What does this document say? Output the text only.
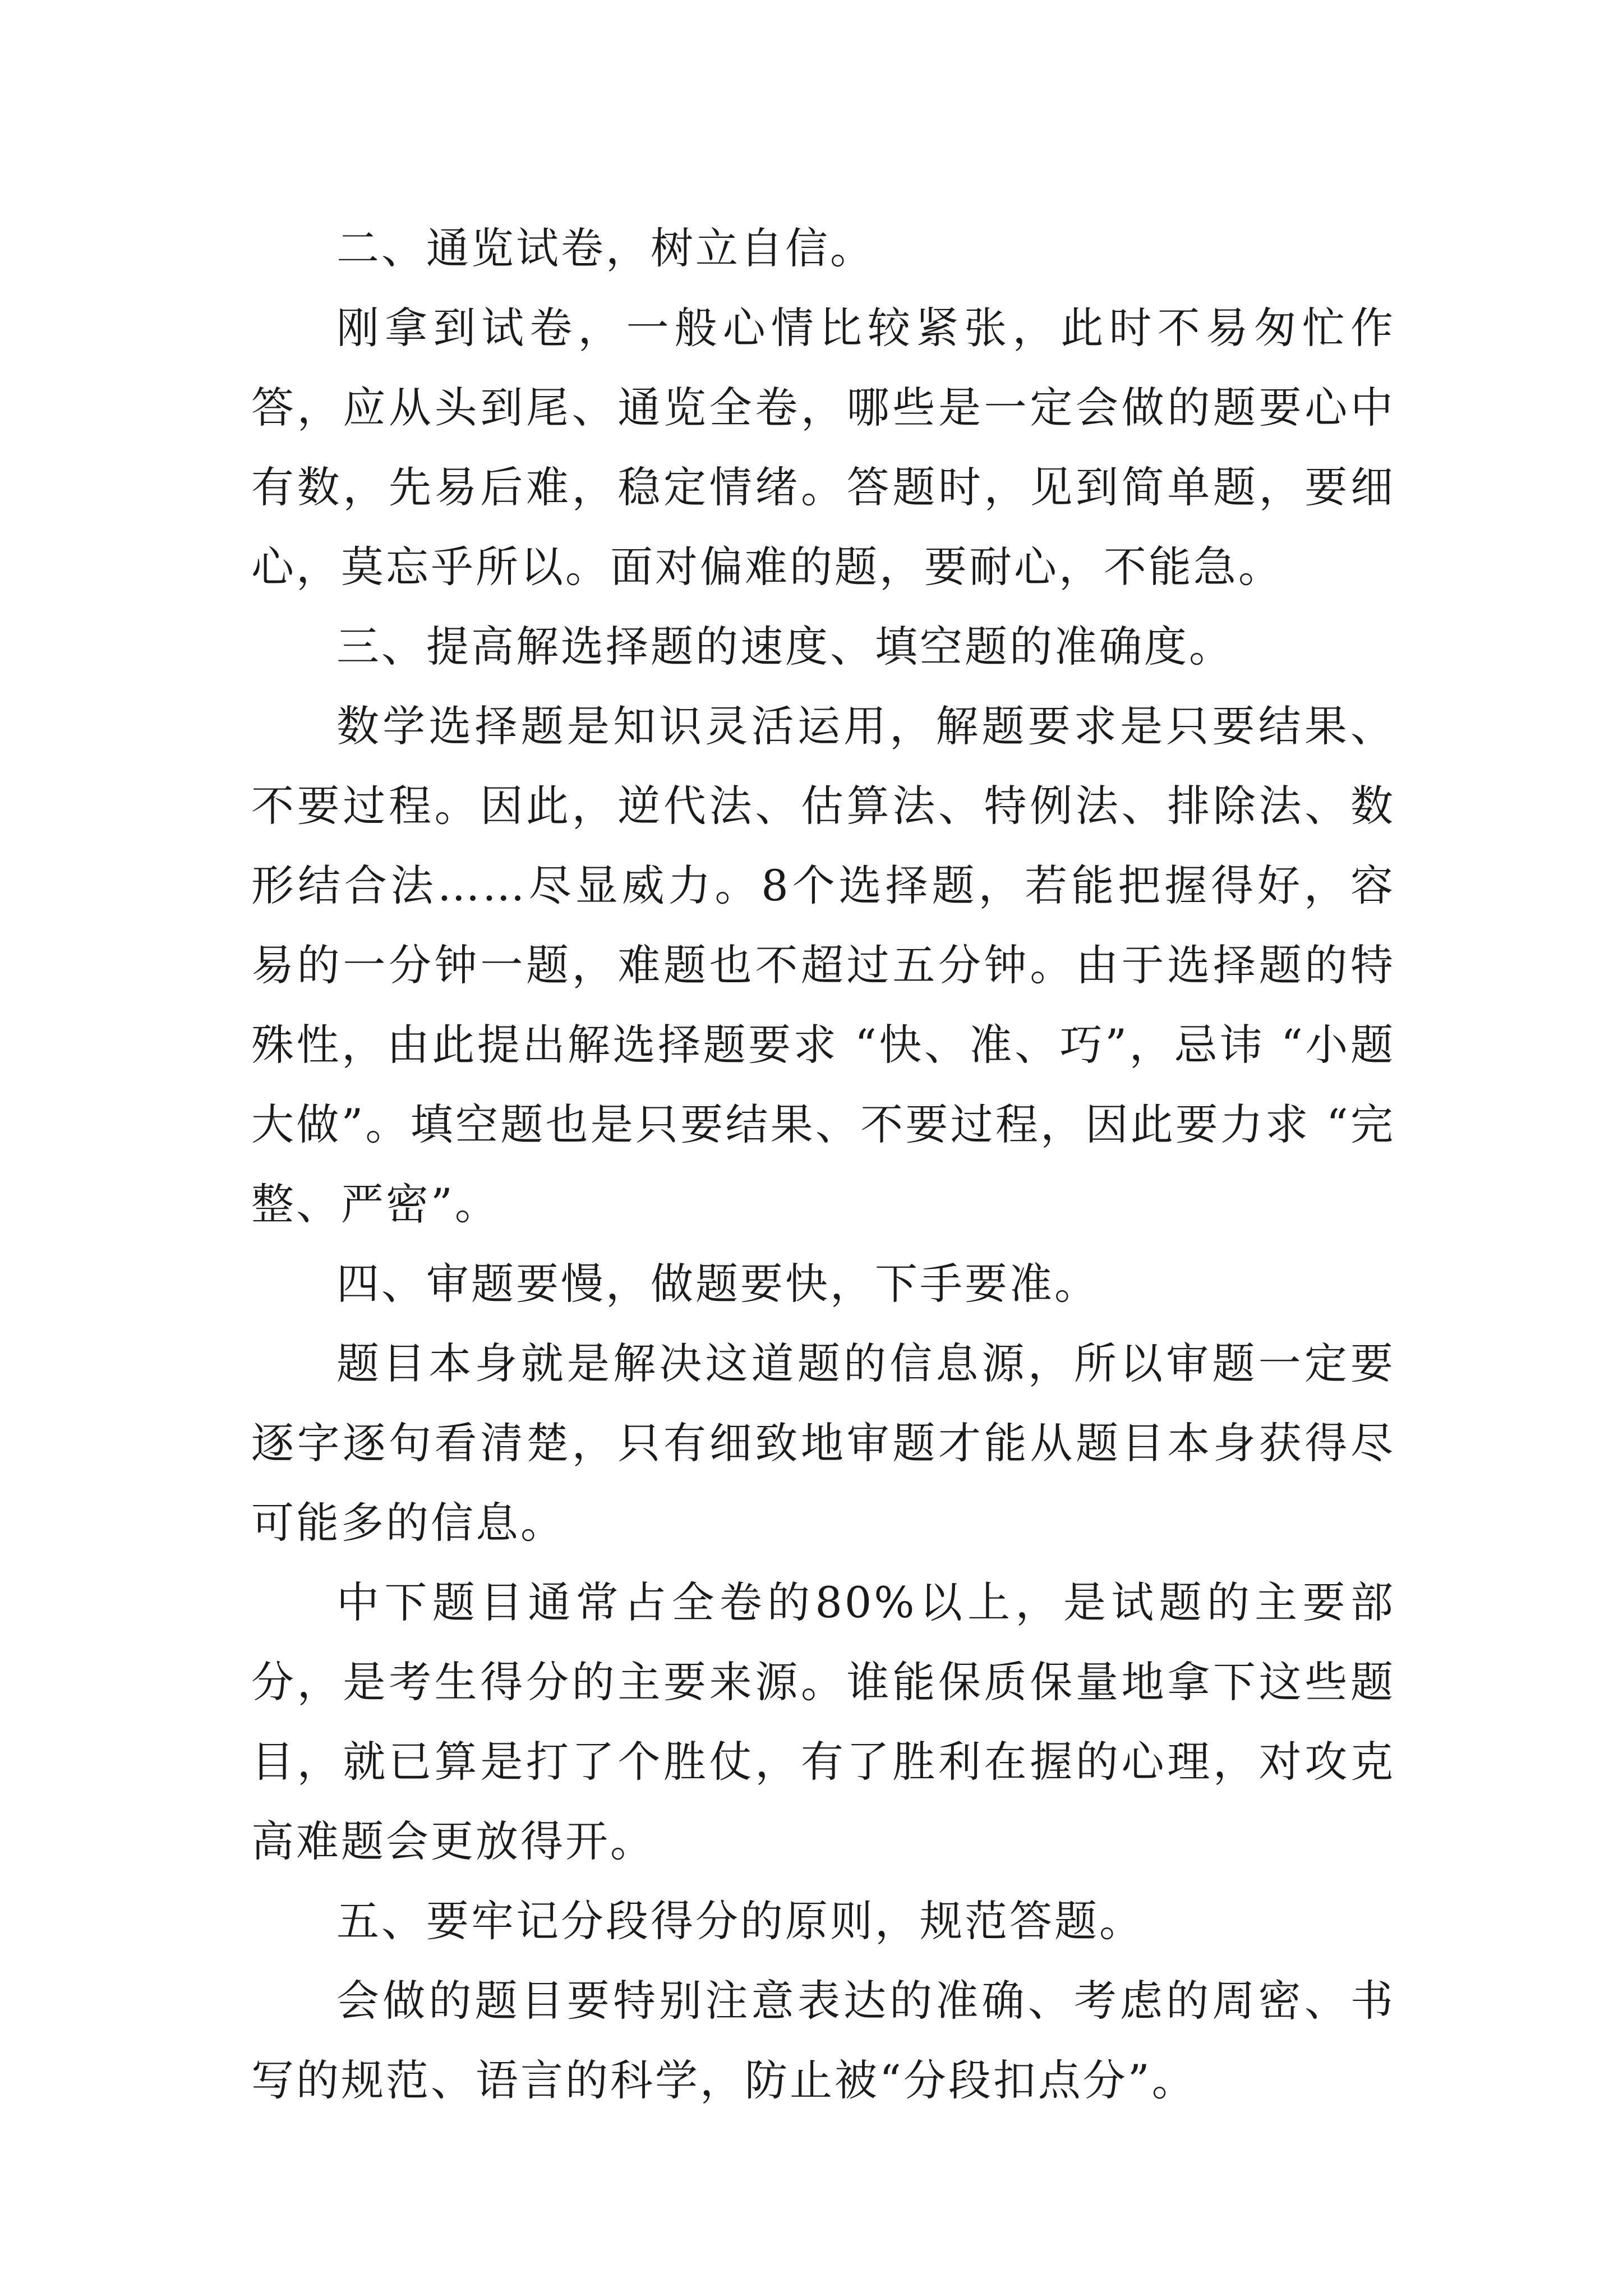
二、通览试卷，树立自信。

刚拿到试卷，一般心情比较紧张，此时不易匆忙作答，应从头到尾、通览全卷，哪些是一定会做的题要心中有数，先易后难，稳定情绪。答题时，见到简单题，要细心，莫忘乎所以。面对偏难的题，要耐心，不能急。

三、提高解选择题的速度、填空题的准确度。

数学选择题是知识灵活运用，解题要求是只要结果、不要过程。因此，逆代法、估算法、特例法、排除法、数形结合法……尽显威力。8个选择题，若能把握得好，容易的一分钟一题，难题也不超过五分钟。由于选择题的特殊性，由此提出解选择题要求 “快、准、巧”，忌讳 “小题大做”。填空题也是只要结果、不要过程，因此要力求 “完整、严密”。

四、审题要慢，做题要快，下手要准。

题目本身就是解决这道题的信息源，所以审题一定要逐字逐句看清楚，只有细致地审题才能从题目本身获得尽可能多的信息。

中下题目通常占全卷的80%以上，是试题的主要部分，是考生得分的主要来源。谁能保质保量地拿下这些题目，就已算是打了个胜仗，有了胜利在握的心理，对攻克高难题会更放得开。

五、要牢记分段得分的原则，规范答题。

会做的题目要特别注意表达的准确、考虑的周密、书写的规范、语言的科学，防止被“分段扣点分”。
